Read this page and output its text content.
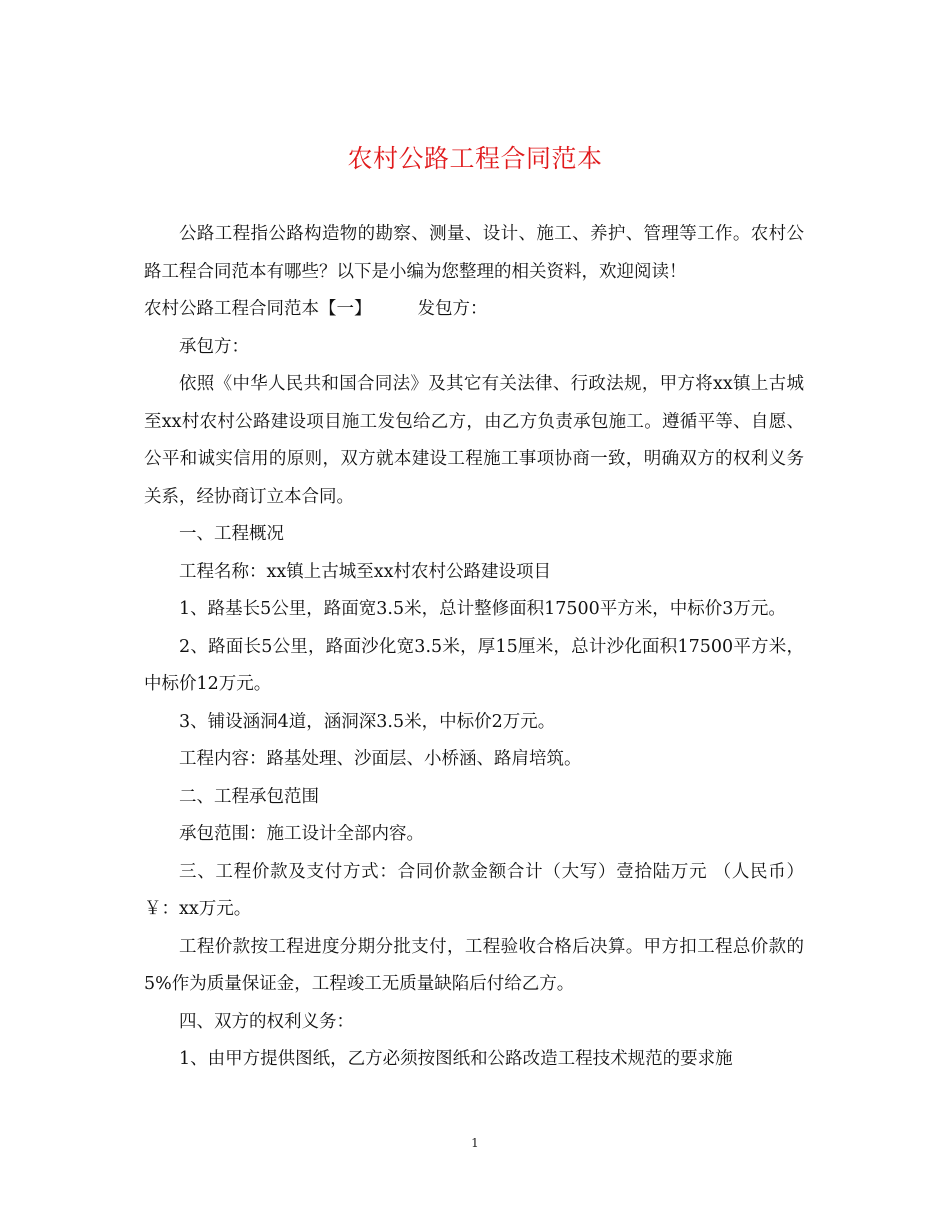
农村公路工程合同范本

公路工程指公路构造物的勘察、测量、设计、施工、养护、管理等工作。农村公路工程合同范本有哪些？以下是小编为您整理的相关资料，欢迎阅读！

农村公路工程合同范本【一】	发包方：

承包方：

依照《中华人民共和国合同法》及其它有关法律、行政法规，甲方将xx镇上古城至xx村农村公路建设项目施工发包给乙方，由乙方负责承包施工。遵循平等、自愿、公平和诚实信用的原则，双方就本建设工程施工事项协商一致，明确双方的权利义务关系，经协商订立本合同。

一、工程概况

工程名称：xx镇上古城至xx村农村公路建设项目

1、路基长5公里，路面宽3.5米，总计整修面积17500平方米，中标价3万元。

2、路面长5公里，路面沙化宽3.5米，厚15厘米，总计沙化面积17500平方米，中标价12万元。

3、铺设涵洞4道，涵洞深3.5米，中标价2万元。

工程内容：路基处理、沙面层、小桥涵、路肩培筑。

二、工程承包范围

承包范围：施工设计全部内容。

三、工程价款及支付方式：合同价款金额合计（大写）壹拾陆万元 （人民币）￥：xx万元。

工程价款按工程进度分期分批支付，工程验收合格后决算。甲方扣工程总价款的5%作为质量保证金，工程竣工无质量缺陷后付给乙方。

四、双方的权利义务：

1、由甲方提供图纸，乙方必须按图纸和公路改造工程技术规范的要求施

1
